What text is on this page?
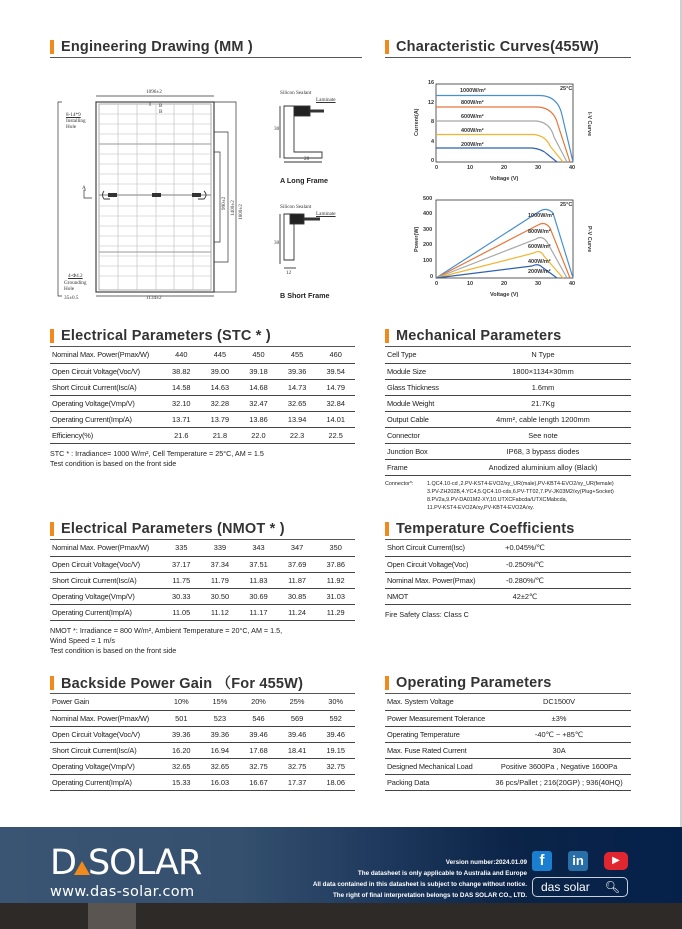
Engineering Drawing (MM )
1096±2
1134±2
B
B
A
8-14*9
Installing Hole
4-Φ4.2
Grounding Hole
35±0.5
1800±2
1400±2
990±2
Silicon Sealant
Laminate
30
28
A Long Frame
Silicon Sealant
Laminate
30
12
B Short Frame
Characteristic Curves(455W)
16
12
8
4
0
0	10	20	30	40
Voltage (V)
Current(A)
25°C
I-V Curve
1000W/m²
800W/m²
600W/m²
400W/m²
200W/m²
500
400
300
200
100
0
0	10	20	30	40
Voltage (V)
Power(W)
25°C
P-V Curve
1000W/m²
800W/m²
600W/m²
400W/m²
200W/m²
Electrical Parameters (STC * )
Nominal Max. Power(Pmax/W)	440	445	450	455	460
Open Circuit Voltage(Voc/V)	38.82	39.00	39.18	39.36	39.54
Short Circuit Current(Isc/A)	14.58	14.63	14.68	14.73	14.79
Operating Voltage(Vmp/V)	32.10	32.28	32.47	32.65	32.84
Operating Current(Imp/A)	13.71	13.79	13.86	13.94	14.01
Efficiency(%)	21.6	21.8	22.0	22.3	22.5
STC * : Irradiance= 1000 W/m², Cell Temperature = 25°C, AM = 1.5
Test condition is based on the front side
Mechanical Parameters
Cell Type	N Type
Module Size	1800×1134×30mm
Glass Thickness	1.6mm
Module Weight	21.7Kg
Output Cable	4mm², cable length 1200mm
Connector	See note
Junction Box	IP68, 3 bypass diodes
Frame	Anodized aluminium alloy (Black)
Connector*:	1.QC4.10-cd ,2.PV-KST4-EVO2/xy_UR(male),PV-KBT4-EVO2/xy_UR(female)
3.PV-ZH202B,4.YC4,5.QC4.10-cds,6.PV-TT02,7.PV-JK03M2/xy(Plug+Socket)
8.PV2a,9.PV-DA01M2-XY,10.UTXCFabcda/UTXCMabcda,
11.PV-KST4-EVO2A/xy,PV-KBT4-EVO2A/xy.
Electrical Parameters (NMOT * )
Nominal Max. Power(Pmax/W)	335	339	343	347	350
Open Circuit Voltage(Voc/V)	37.17	37.34	37.51	37.69	37.86
Short Circuit Current(Isc/A)	11.75	11.79	11.83	11.87	11.92
Operating Voltage(Vmp/V)	30.33	30.50	30.69	30.85	31.03
Operating Current(Imp/A)	11.05	11.12	11.17	11.24	11.29
NMOT *: Irradiance = 800 W/m², Ambient Temperature = 20°C, AM = 1.5,
Wind Speed = 1 m/s
Test condition is based on the front side
Temperature Coefficients
Short Circuit Current(Isc)	+0.045%/℃	
Open Circuit Voltage(Voc)	-0.250%/℃	
Nominal Max. Power(Pmax)	-0.280%/℃	
NMOT	42±2℃	
Fire Safety Class: Class C
Backside Power Gain （For 455W)
Power Gain	10%	15%	20%	25%	30%
Nominal Max. Power(Pmax/W)	501	523	546	569	592
Open Circuit Voltage(Voc/V)	39.36	39.36	39.46	39.46	39.46
Short Circuit Current(Isc/A)	16.20	16.94	17.68	18.41	19.15
Operating Voltage(Vmp/V)	32.65	32.65	32.75	32.75	32.75
Operating Current(Imp/A)	15.33	16.03	16.67	17.37	18.06
Operating Parameters
Max. System Voltage	DC1500V
Power Measurement Tolerance	±3%
Operating Temperature	-40℃ ~ +85℃
Max. Fuse Rated Current	30A
Designed Mechanical Load	Positive 3600Pa , Negative 1600Pa
Packing Data	36 pcs/Pallet ; 216(20GP) ; 936(40HQ)
D SOLAR
www.das-solar.com
Version number:2024.01.09
The datasheet is only applicable to Australia and Europe
All data contained in this datasheet is subject to change without notice.
The right of final interpretation belongs to DAS SOLAR CO., LTD.
f	in	▶
das solar 🔍︎
